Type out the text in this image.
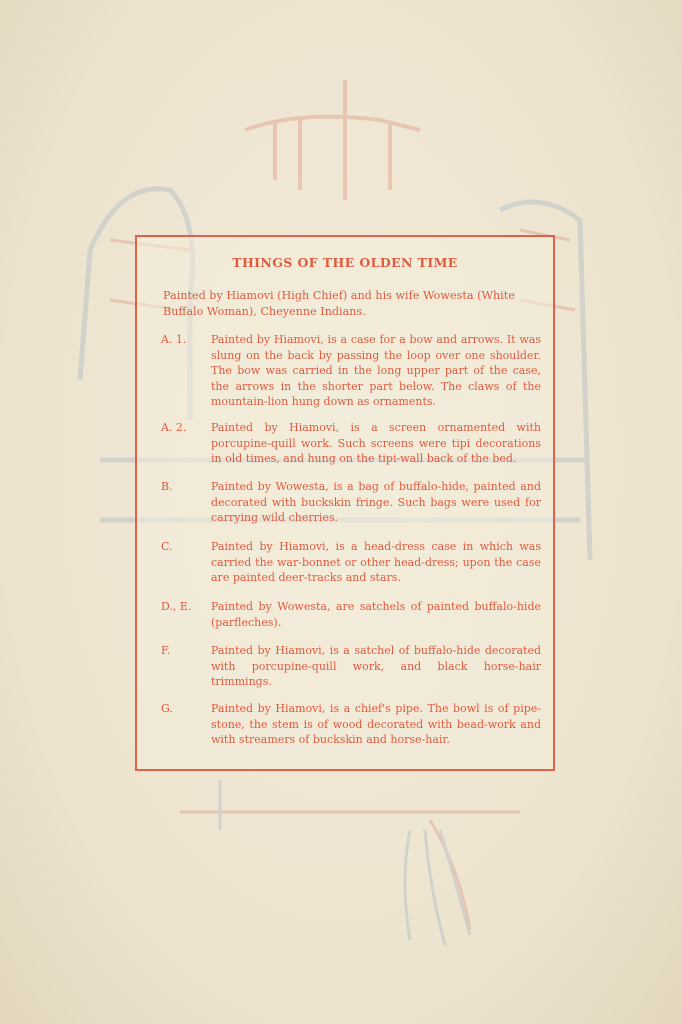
THINGS OF THE OLDEN TIME
Painted by Hiamovi (High Chief) and his wife Wowesta (White Buffalo Woman), Cheyenne Indians.
A. 1.	Painted by Hiamovi, is a case for a bow and arrows. It was slung on the back by passing the loop over one shoulder. The bow was carried in the long upper part of the case, the arrows in the shorter part below. The claws of the mountain-lion hung down as ornaments.
A. 2.	Painted by Hiamovi, is a screen ornamented with porcupine-quill work. Such screens were tipi decorations in old times, and hung on the tipi-wall back of the bed.
B.	Painted by Wowesta, is a bag of buffalo-hide, painted and decorated with buckskin fringe. Such bags were used for carrying wild cherries.
C.	Painted by Hiamovi, is a head-dress case in which was carried the war-bonnet or other head-dress; upon the case are painted deer-tracks and stars.
D., E.	Painted by Wowesta, are satchels of painted buffalo-hide (parfleches).
F.	Painted by Hiamovi, is a satchel of buffalo-hide decorated with porcupine-quill work, and black horse-hair trimmings.
G.	Painted by Hiamovi, is a chief's pipe. The bowl is of pipe-stone, the stem is of wood decorated with bead-work and with streamers of buckskin and horse-hair.
